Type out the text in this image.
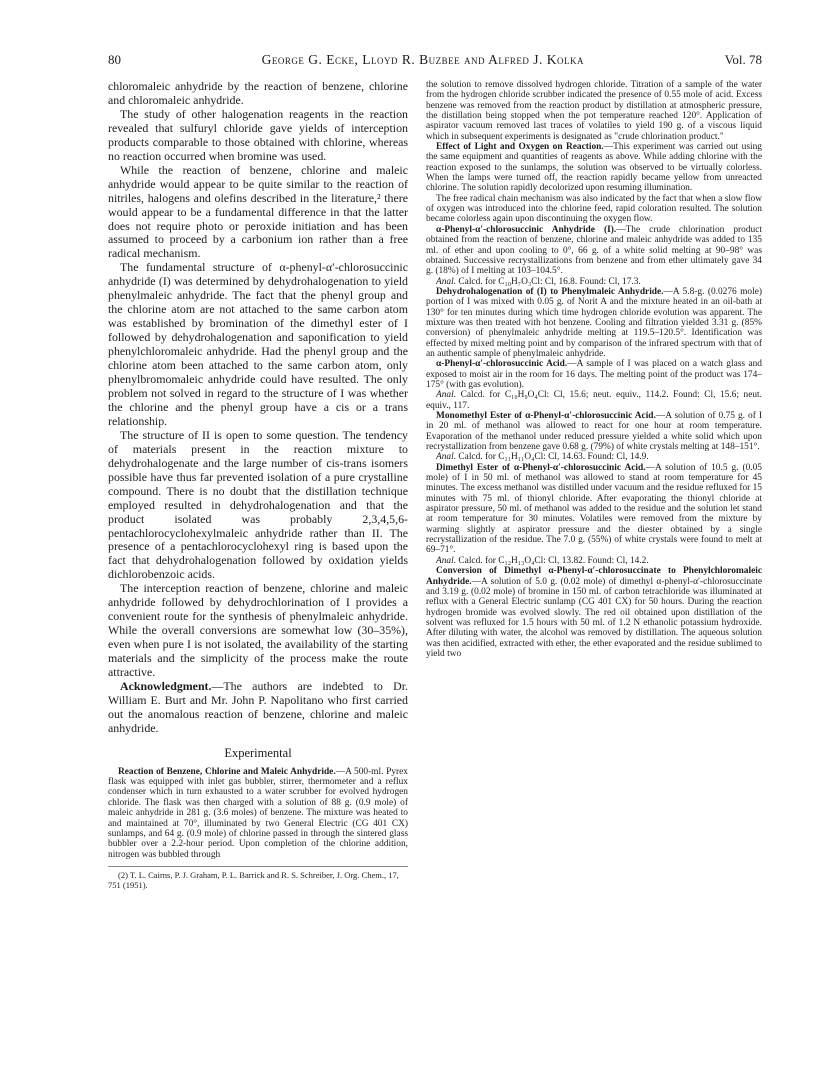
80	George G. Ecke, Lloyd R. Buzbee and Alfred J. Kolka	Vol. 78

chloromaleic anhydride by the reaction of benzene, chlorine and chloromaleic anhydride.

The study of other halogenation reagents in the reaction revealed that sulfuryl chloride gave yields of interception products comparable to those obtained with chlorine, whereas no reaction occurred when bromine was used.

While the reaction of benzene, chlorine and maleic anhydride would appear to be quite similar to the reaction of nitriles, halogens and olefins described in the literature,² there would appear to be a fundamental difference in that the latter does not require photo or peroxide initiation and has been assumed to proceed by a carbonium ion rather than a free radical mechanism.

The fundamental structure of α-phenyl-α′-chlorosuccinic anhydride (I) was determined by dehydrohalogenation to yield phenylmaleic anhydride. The fact that the phenyl group and the chlorine atom are not attached to the same carbon atom was established by bromination of the dimethyl ester of I followed by dehydrohalogenation and saponification to yield phenylchloromaleic anhydride. Had the phenyl group and the chlorine atom been attached to the same carbon atom, only phenylbromomaleic anhydride could have resulted. The only problem not solved in regard to the structure of I was whether the chlorine and the phenyl group have a cis or a trans relationship.

The structure of II is open to some question. The tendency of materials present in the reaction mixture to dehydrohalogenate and the large number of cis-trans isomers possible have thus far prevented isolation of a pure crystalline compound. There is no doubt that the distillation technique employed resulted in dehydrohalogenation and that the product isolated was probably 2,3,4,5,6-pentachlorocyclohexylmaleic anhydride rather than II. The presence of a pentachlorocyclohexyl ring is based upon the fact that dehydrohalogenation followed by oxidation yields dichlorobenzoic acids.

The interception reaction of benzene, chlorine and maleic anhydride followed by dehydrochlorination of I provides a convenient route for the synthesis of phenylmaleic anhydride. While the overall conversions are somewhat low (30–35%), even when pure I is not isolated, the availability of the starting materials and the simplicity of the process make the route attractive.

Acknowledgment.—The authors are indebted to Dr. William E. Burt and Mr. John P. Napolitano who first carried out the anomalous reaction of benzene, chlorine and maleic anhydride.

Experimental

Reaction of Benzene, Chlorine and Maleic Anhydride.—A 500-ml. Pyrex flask was equipped with inlet gas bubbler, stirrer, thermometer and a reflux condenser which in turn exhausted to a water scrubber for evolved hydrogen chloride. The flask was then charged with a solution of 88 g. (0.9 mole) of maleic anhydride in 281 g. (3.6 moles) of benzene. The mixture was heated to and maintained at 70°, illuminated by two General Electric (CG 401 CX) sunlamps, and 64 g. (0.9 mole) of chlorine passed in through the sintered glass bubbler over a 2.2-hour period. Upon completion of the chlorine addition, nitrogen was bubbled through

(2) T. L. Cairns, P. J. Graham, P. L. Barrick and R. S. Schreiber, J. Org. Chem., 17, 751 (1951).

the solution to remove dissolved hydrogen chloride. Titration of a sample of the water from the hydrogen chloride scrubber indicated the presence of 0.55 mole of acid. Excess benzene was removed from the reaction product by distillation at atmospheric pressure, the distillation being stopped when the pot temperature reached 120°. Application of aspirator vacuum removed last traces of volatiles to yield 190 g. of a viscous liquid which in subsequent experiments is designated as "crude chlorination product."

Effect of Light and Oxygen on Reaction.—This experiment was carried out using the same equipment and quantities of reagents as above. While adding chlorine with the reaction exposed to the sunlamps, the solution was observed to be virtually colorless. When the lamps were turned off, the reaction rapidly became yellow from unreacted chlorine. The solution rapidly decolorized upon resuming illumination.

The free radical chain mechanism was also indicated by the fact that when a slow flow of oxygen was introduced into the chlorine feed, rapid coloration resulted. The solution became colorless again upon discontinuing the oxygen flow.

α-Phenyl-α′-chlorosuccinic Anhydride (I).—The crude chlorination product obtained from the reaction of benzene, chlorine and maleic anhydride was added to 135 ml. of ether and upon cooling to 0°, 66 g. of a white solid melting at 90–98° was obtained. Successive recrystallizations from benzene and from ether ultimately gave 34 g. (18%) of I melting at 103–104.5°.

Anal. Calcd. for C₁₀H₇O₃Cl: Cl, 16.8. Found: Cl, 17.3.

Dehydrohalogenation of (I) to Phenylmaleic Anhydride.—A 5.8-g. (0.0276 mole) portion of I was mixed with 0.05 g. of Norit A and the mixture heated in an oil-bath at 130° for ten minutes during which time hydrogen chloride evolution was apparent. The mixture was then treated with hot benzene. Cooling and filtration yielded 3.31 g. (85% conversion) of phenylmaleic anhydride melting at 119.5–120.5°. Identification was effected by mixed melting point and by comparison of the infrared spectrum with that of an authentic sample of phenylmaleic anhydride.

α-Phenyl-α′-chlorosuccinic Acid.—A sample of I was placed on a watch glass and exposed to moist air in the room for 16 days. The melting point of the product was 174–175° (with gas evolution).

Anal. Calcd. for C₁₀H₉O₄Cl: Cl, 15.6; neut. equiv., 114.2. Found: Cl, 15.6; neut. equiv., 117.

Monomethyl Ester of α-Phenyl-α′-chlorosuccinic Acid.—A solution of 0.75 g. of I in 20 ml. of methanol was allowed to react for one hour at room temperature. Evaporation of the methanol under reduced pressure yielded a white solid which upon recrystallization from benzene gave 0.68 g. (79%) of white crystals melting at 148–151°.

Anal. Calcd. for C₁₁H₁₁O₄Cl: Cl, 14.63. Found: Cl, 14.9.

Dimethyl Ester of α-Phenyl-α′-chlorosuccinic Acid.—A solution of 10.5 g. (0.05 mole) of I in 50 ml. of methanol was allowed to stand at room temperature for 45 minutes. The excess methanol was distilled under vacuum and the residue refluxed for 15 minutes with 75 ml. of thionyl chloride. After evaporating the thionyl chloride at aspirator pressure, 50 ml. of methanol was added to the residue and the solution let stand at room temperature for 30 minutes. Volatiles were removed from the mixture by warming slightly at aspirator pressure and the diester obtained by a single recrystallization of the residue. The 7.0 g. (55%) of white crystals were found to melt at 69–71°.

Anal. Calcd. for C₁₂H₁₃O₄Cl: Cl, 13.82. Found: Cl, 14.2.

Conversion of Dimethyl α-Phenyl-α′-chlorosuccinate to Phenylchloromaleic Anhydride.—A solution of 5.0 g. (0.02 mole) of dimethyl α-phenyl-α′-chlorosuccinate and 3.19 g. (0.02 mole) of bromine in 150 ml. of carbon tetrachloride was illuminated at reflux with a General Electric sunlamp (CG 401 CX) for 50 hours. During the reaction hydrogen bromide was evolved slowly. The red oil obtained upon distillation of the solvent was refluxed for 1.5 hours with 50 ml. of 1.2 N ethanolic potassium hydroxide. After diluting with water, the alcohol was removed by distillation. The aqueous solution was then acidified, extracted with ether, the ether evaporated and the residue sublimed to yield two
